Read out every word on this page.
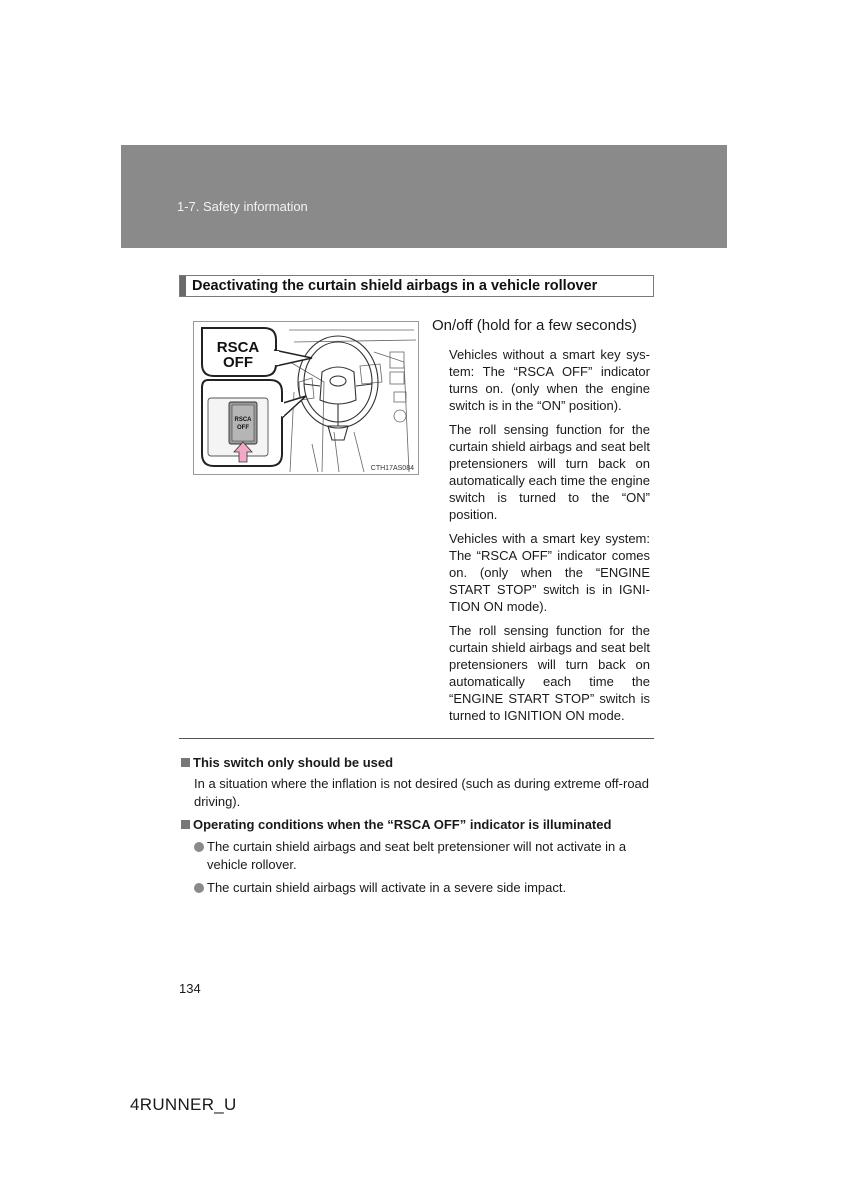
1-7. Safety information
Deactivating the curtain shield airbags in a vehicle rollover
RSCA
OFF
RSCA
OFF
CTH17AS084
On/off (hold for a few seconds)

Vehicles without a smart key system: The “RSCA OFF” indicator turns on. (only when the engine switch is in the “ON” position).

The roll sensing function for the curtain shield airbags and seat belt pretensioners will turn back on automatically each time the engine switch is turned to the “ON” position.

Vehicles with a smart key system: The “RSCA OFF” indicator comes on. (only when the “ENGINE START STOP” switch is in IGNITION ON mode).

The roll sensing function for the curtain shield airbags and seat belt pretensioners will turn back on automatically each time the “ENGINE START STOP” switch is turned to IGNITION ON mode.

This switch only should be used
In a situation where the inflation is not desired (such as during extreme off-road driving).
Operating conditions when the “RSCA OFF” indicator is illuminated
The curtain shield airbags and seat belt pretensioner will not activate in a vehicle rollover.
The curtain shield airbags will activate in a severe side impact.
134
4RUNNER_U
